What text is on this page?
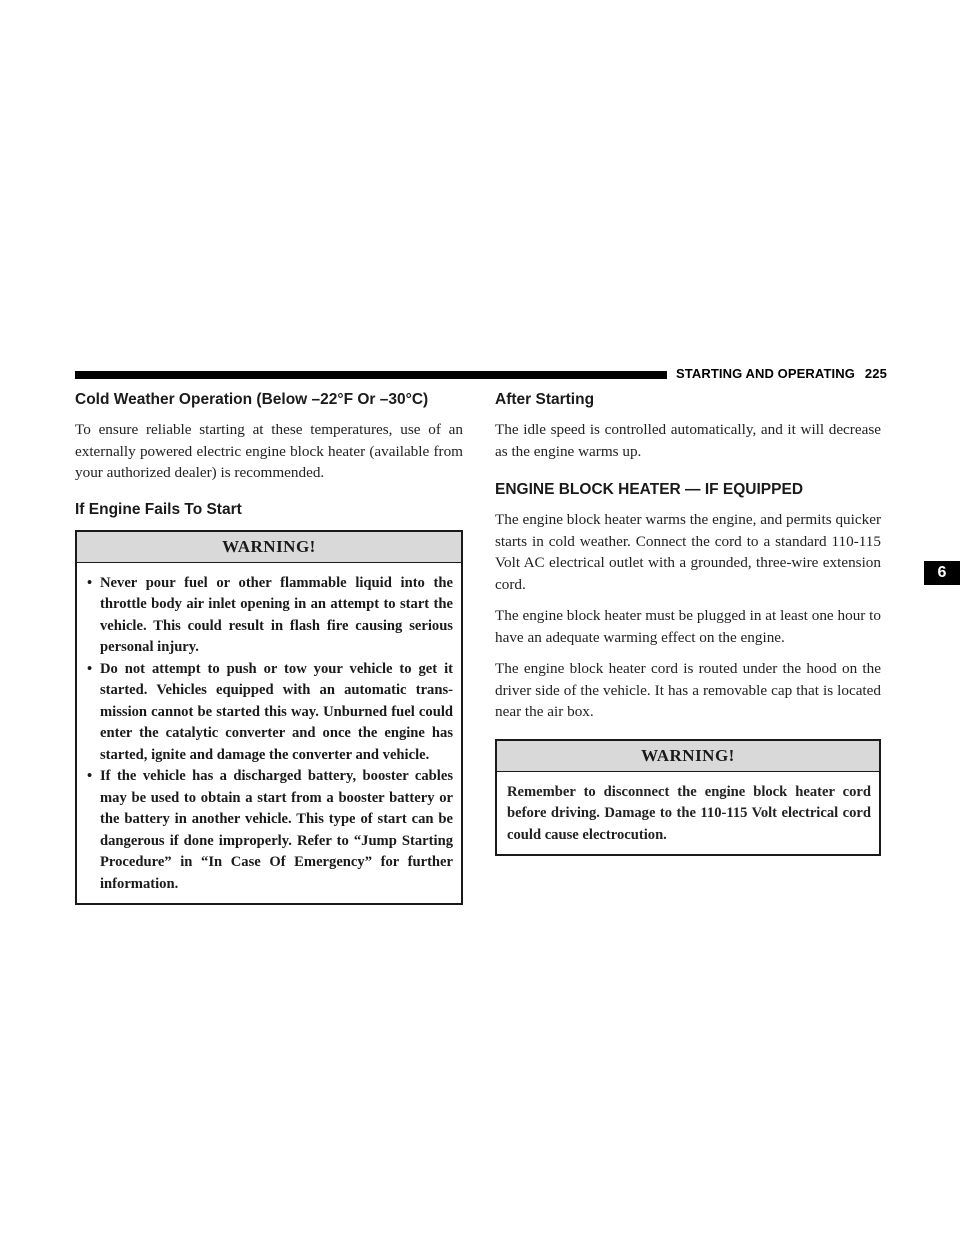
STARTING AND OPERATING 225
6
Cold Weather Operation (Below –22°F Or –30°C)

To ensure reliable starting at these temperatures, use of an externally powered electric engine block heater (available from your authorized dealer) is recommended.

If Engine Fails To Start
WARNING!
• Never pour fuel or other flammable liquid into the throttle body air inlet opening in an attempt to start the vehicle. This could result in flash fire causing serious personal injury.
• Do not attempt to push or tow your vehicle to get it started. Vehicles equipped with an automatic trans-mission cannot be started this way. Unburned fuel could enter the catalytic converter and once the engine has started, ignite and damage the converter and vehicle.
• If the vehicle has a discharged battery, booster cables may be used to obtain a start from a booster battery or the battery in another vehicle. This type of start can be dangerous if done improperly. Refer to “Jump Starting Procedure” in “In Case Of Emergency” for further information.
After Starting

The idle speed is controlled automatically, and it will decrease as the engine warms up.

ENGINE BLOCK HEATER — IF EQUIPPED

The engine block heater warms the engine, and permits quicker starts in cold weather. Connect the cord to a standard 110-115 Volt AC electrical outlet with a grounded, three-wire extension cord.

The engine block heater must be plugged in at least one hour to have an adequate warming effect on the engine.

The engine block heater cord is routed under the hood on the driver side of the vehicle. It has a removable cap that is located near the air box.

WARNING!

Remember to disconnect the engine block heater cord before driving. Damage to the 110-115 Volt electrical cord could cause electrocution.
